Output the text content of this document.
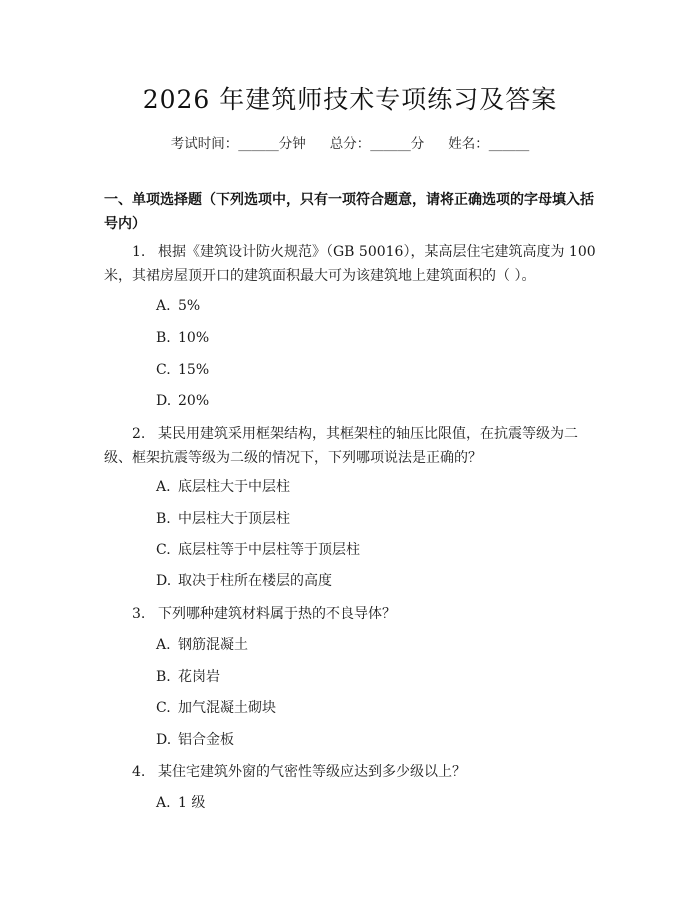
2026 年建筑师技术专项练习及答案
考试时间：______分钟 总分：______分 姓名：______
一、单项选择题（下列选项中，只有一项符合题意，请将正确选项的字母填入括号内）
1. 根据《建筑设计防火规范》（GB 50016），某高层住宅建筑高度为 100 米，其裙房屋顶开口的建筑面积最大可为该建筑地上建筑面积的（ ）。
A. 5%
B. 10%
C. 15%
D. 20%
2. 某民用建筑采用框架结构，其框架柱的轴压比限值，在抗震等级为二级、框架抗震等级为二级的情况下，下列哪项说法是正确的？
A. 底层柱大于中层柱
B. 中层柱大于顶层柱
C. 底层柱等于中层柱等于顶层柱
D. 取决于柱所在楼层的高度
3. 下列哪种建筑材料属于热的不良导体？
A. 钢筋混凝土
B. 花岗岩
C. 加气混凝土砌块
D. 铝合金板
4. 某住宅建筑外窗的气密性等级应达到多少级以上？
A. 1 级
